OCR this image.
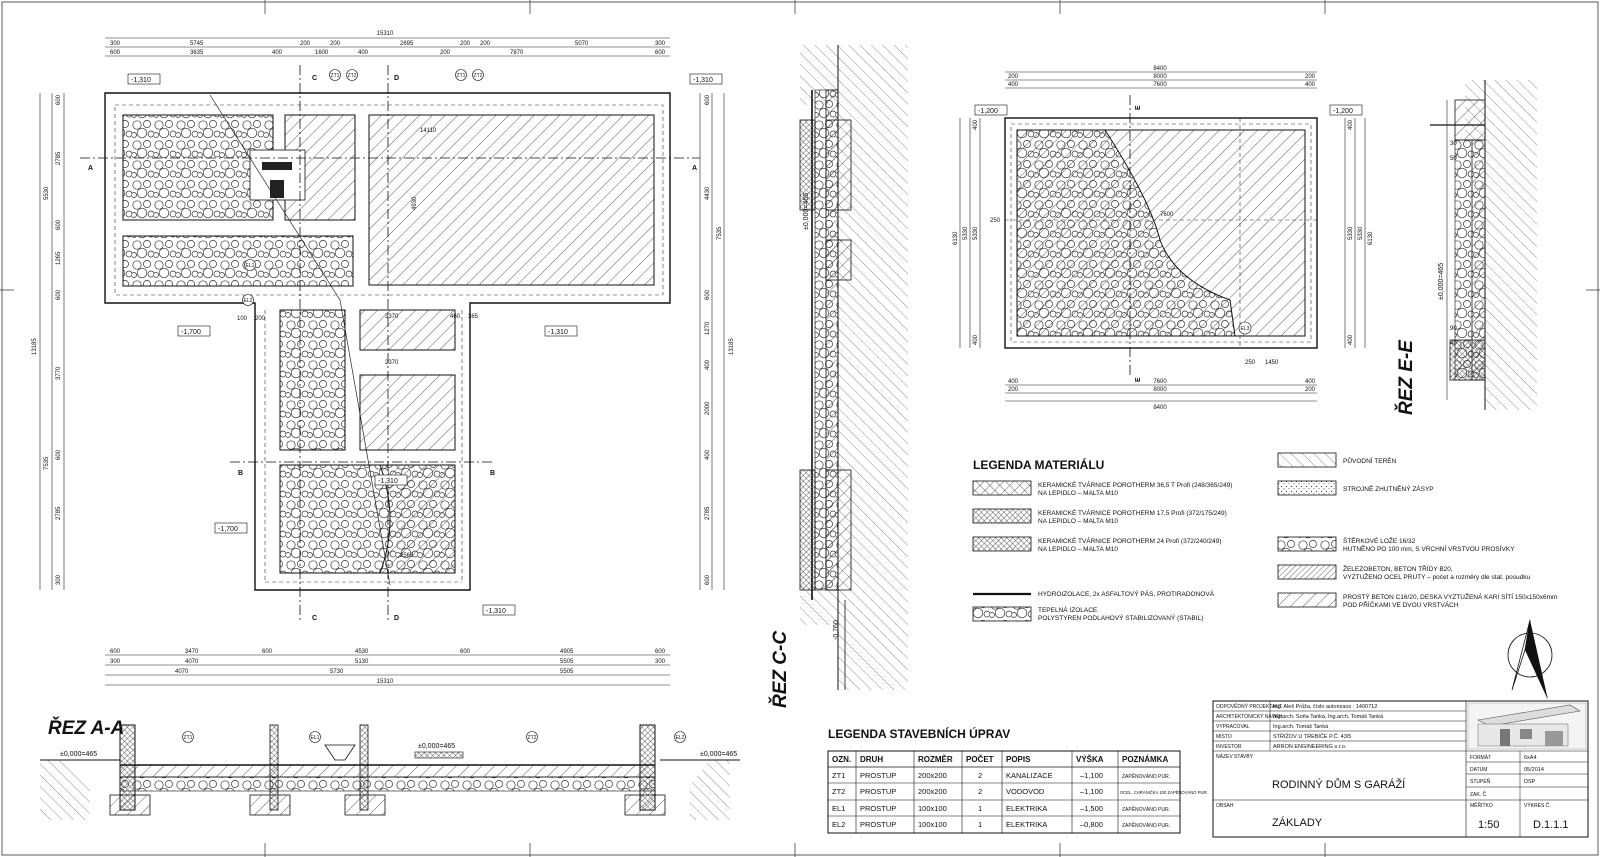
15310
300	5745	200	200	2695	200 200	5070	300
600	3635	400	1600	400	200	7870	600
600	3470	600	4530	600	4905	600
300	4070	5130	5505	300
4070	5730	5505
15310
600
2785
600
1265
600
3770
600
2785
300
5530
7535
13185
600
4430
600
1270
400
2000
400
2785
600
7535
13185
-1,310	-1,310
-1,700	-1,310
-1,700
-1,310
-1,310
ZT1 ZT2	ZT1 ZT2
EL1
EL2
C	D
A	A
B	B
C	D
14110
3370	460 365
2370
2565
4930
100 200
ŘEZ A-A
±0,000=465
±0,000=465
±0,000=465
ZT1	EL1	ZT2	EL2
ŘEZ C-C
±0,000=465
-0,760
8400
200	8000	200
400	7600	400
400	7600	400
200	8000	200
8400
400
5330
400
6130 5330
250
400
5330
400
5330 6130
7600
1450
250
-1,200	-1,200
EL3
E
E	ŘEZ E-E
±0,000=465
30
50
90
40
LEGENDA MATERIÁLU
KERAMICKÉ TVÁRNICE POROTHERM 36,5 T Profi (248/365/249)
NA LEPIDLO – MALTA M10
KERAMICKÉ TVÁRNICE POROTHERM 17,5 Profi (372/175/249)
NA LEPIDLO – MALTA M10
KERAMICKÉ TVÁRNICE POROTHERM 24 Profi (372/240/249)
NA LEPIDLO – MALTA M10
HYDROIZOLACE, 2x ASFALTOVÝ PÁS, PROTIRADONOVÁ
TEPELNÁ IZOLACE
POLYSTYREN PODLAHOVÝ STABILIZOVANÝ (STABIL)
PŮVODNÍ TERÉN
STROJNĚ ZHUTNĚNÝ ZÁSYP
ŠTĚRKOVÉ LOŽE 16/32
HUTNĚNO PO 100 mm, S VRCHNÍ VRSTVOU PROSÍVKY
ŽELEZOBETON, BETON TŘÍDY B20,
VYZTUŽENO OCEL PRUTY – počet a rozměry dle stat. posudku
PROSTÝ BETON C16/20, DESKA VYZTUŽENÁ KARI SÍTÍ 150x150x6mm
POD PŘÍČKAMI VE DVOU VRSTVÁCH
LEGENDA STAVEBNÍCH ÚPRAV
OZN. DRUH	ROZMĚR POČET POPIS	VÝŠKA POZNÁMKA
ZT1 PROSTUP	200x200	2	KANALIZACE	–1,100	ZAPĚNOVÁNO PUR.
ZT2 PROSTUP	200x200	2	VODOVOD	–1,100	OCEL. CHRÁNIČKA 100 ZAPĚNOVÁNO PUR.
EL1 PROSTUP	100x100	1	ELEKTRIKA	–1,500	ZAPĚNOVÁNO PUR.
EL2 PROSTUP	100x100	1	ELEKTRIKA	–0,800	ZAPĚNOVÁNO PUR.
ODPOVĚDNÝ PROJEKTANT
Ing. Aleš Průža, číslo autorizace : 1400712
ARCHITEKTONICKÝ NÁVRH
Ing.arch. Soňa Tanká, Ing.arch. Tomáš Tanká
VYPRACOVAL	Ing.arch. Tomáš Tanká
MÍSTO	STŘÍŽOV U TŘEBÍČE P.Č. 43/5
INVESTOR	ARRON ENGINEERING s.r.o.
NÁZEV STAVBY
OBSAH
RODINNÝ DŮM S GARÁŽÍ
ZÁKLADY
FORMÁT	6xA4
DATUM	05/2014
STUPEŇ	DSP
ZAK. Č.
MĚŘÍTKO	VÝKRES Č.
1:50	D.1.1.1
